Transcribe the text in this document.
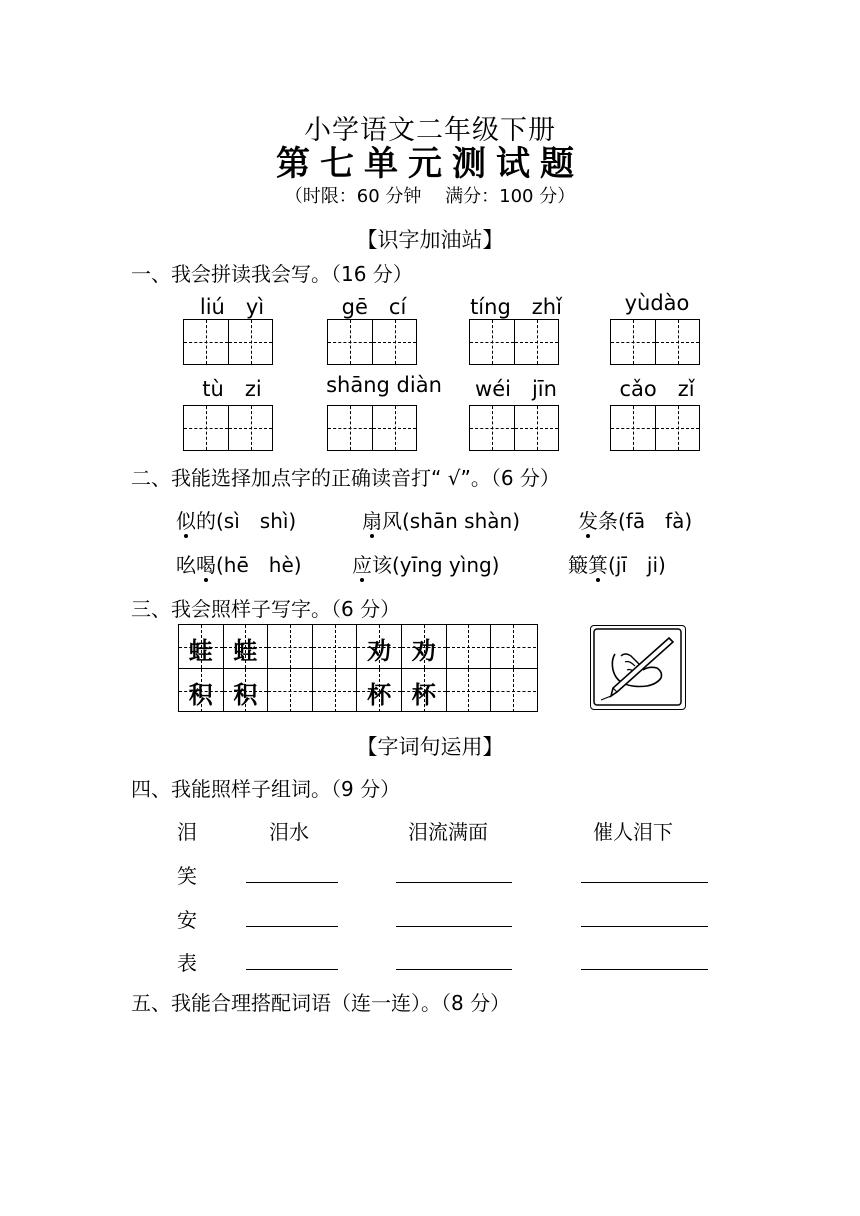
小学语文二年级下册
第七单元测试题
（时限：60 分钟　 满分：100 分）
【识字加油站】
一、我会拼读我会写。（16 分）
liú　yì	gē　cí	tíng　zhǐ	yùdào
tù　zi	shāng diàn	wéi　jīn	cǎo　zǐ
二、我能选择加点字的正确读音打“ √”。（6 分）
似的(sì　shì)	扇风(shān shàn)	发条(fā　fà)
吆喝(hē　hè)	应该(yīng yìng)	簸箕(jī　ji)
三、我会照样子写字。（6 分）
蛙 蛙	劝 劝
积 积	杯 杯
【字词句运用】
四、我能照样子组词。（9 分）
泪	泪水	泪流满面	催人泪下
笑
安
表
五、我能合理搭配词语（连一连）。（8 分）
